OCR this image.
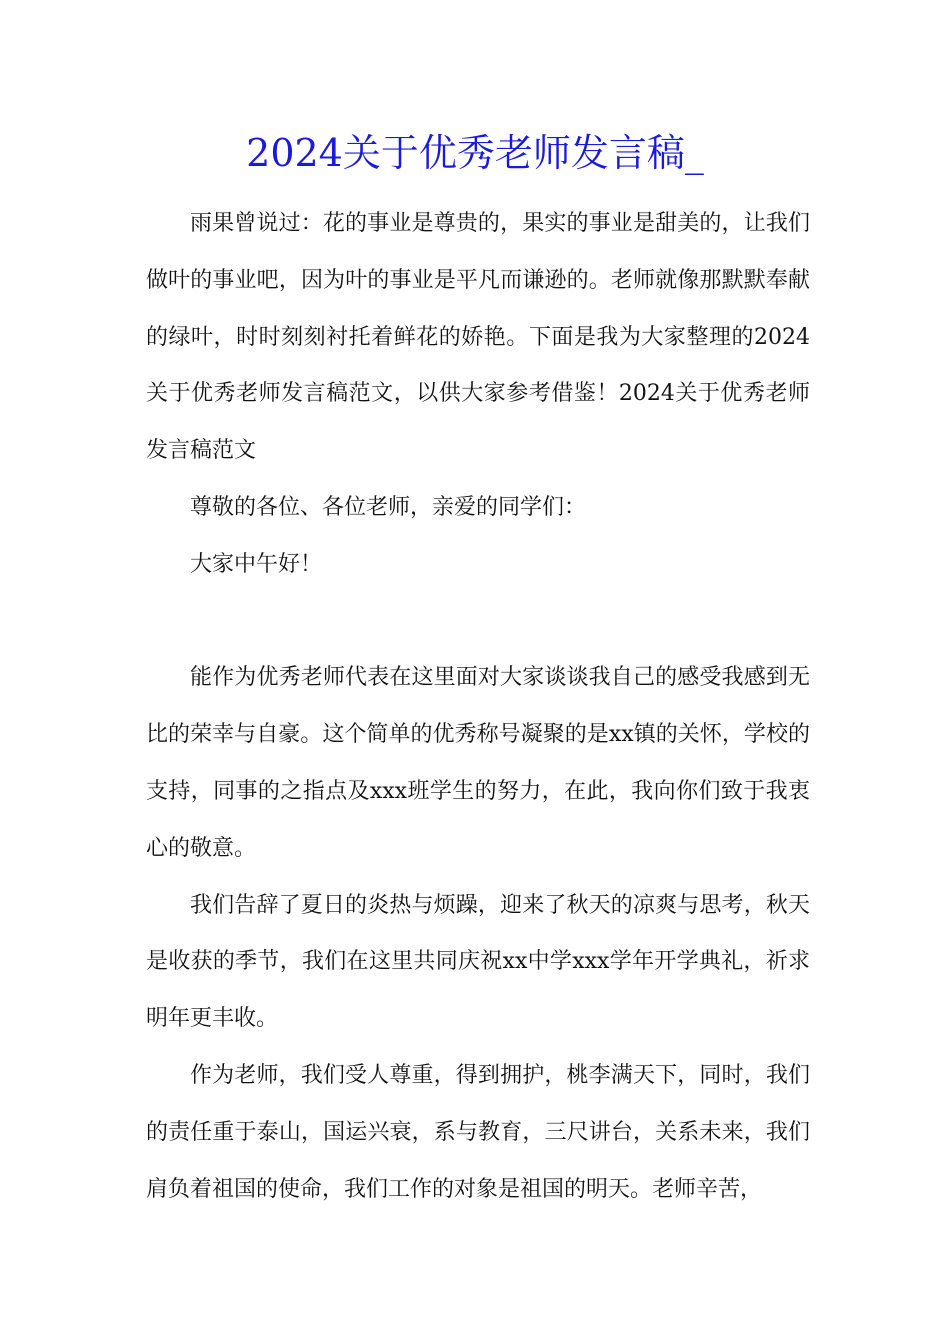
2024关于优秀老师发言稿_

雨果曾说过：花的事业是尊贵的，果实的事业是甜美的，让我们做叶的事业吧，因为叶的事业是平凡而谦逊的。老师就像那默默奉献的绿叶，时时刻刻衬托着鲜花的娇艳。下面是我为大家整理的2024关于优秀老师发言稿范文，以供大家参考借鉴！2024关于优秀老师发言稿范文

尊敬的各位、各位老师，亲爱的同学们：

大家中午好！

能作为优秀老师代表在这里面对大家谈谈我自己的感受我感到无比的荣幸与自豪。这个简单的优秀称号凝聚的是xx镇的关怀，学校的支持，同事的之指点及xxx班学生的努力，在此，我向你们致于我衷心的敬意。

我们告辞了夏日的炎热与烦躁，迎来了秋天的凉爽与思考，秋天是收获的季节，我们在这里共同庆祝xx中学xxx学年开学典礼，祈求明年更丰收。

作为老师，我们受人尊重，得到拥护，桃李满天下，同时，我们的责任重于泰山，国运兴衰，系与教育，三尺讲台，关系未来，我们肩负着祖国的使命，我们工作的对象是祖国的明天。老师辛苦，
